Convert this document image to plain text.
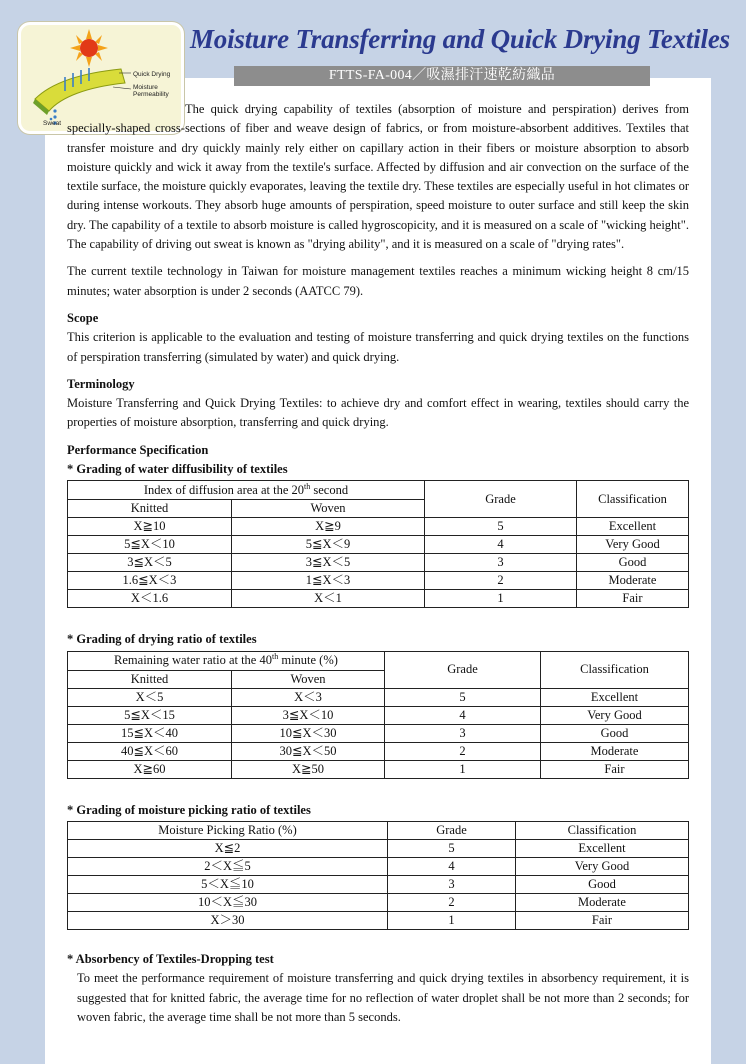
Quick Drying
Moisture
Permeability
Sweat
Moisture Transferring and Quick Drying Textiles
FTTS-FA-004／吸濕排汗速乾紡織品

The quick drying capability of textiles (absorption of moisture and perspiration) derives from specially-shaped cross-sections of fiber and weave design of fabrics, or from moisture-absorbent additives. Textiles that transfer moisture and dry quickly mainly rely either on capillary action in their fibers or moisture absorption to absorb moisture quickly and wick it away from the textile's surface. Affected by diffusion and air convection on the surface of the textile surface, the moisture quickly evaporates, leaving the textile dry. These textiles are especially useful in hot climates or during intense workouts. They absorb huge amounts of perspiration, speed moisture to outer surface and still keep the skin dry. The capability of a textile to absorb moisture is called hygroscopicity, and it is measured on a scale of "wicking height". The capability of driving out sweat is known as "drying ability", and it is measured on a scale of "drying rates".

The current textile technology in Taiwan for moisture management textiles reaches a minimum wicking height 8 cm/15 minutes; water absorption is under 2 seconds (AATCC 79).

Scope

This criterion is applicable to the evaluation and testing of moisture transferring and quick drying textiles on the functions of perspiration transferring (simulated by water) and quick drying.

Terminology

Moisture Transferring and Quick Drying Textiles: to achieve dry and comfort effect in wearing, textiles should carry the properties of moisture absorption, transferring and quick drying.

Performance Specification

* Grading of water diffusibility of textiles

Index of diffusion area at the 20th second		Grade	Classification
Knitted	Woven		
X≧10	X≧9	5	Excellent
5≦X＜10	5≦X＜9	4	Very Good
3≦X＜5	3≦X＜5	3	Good
1.6≦X＜3	1≦X＜3	2	Moderate
X＜1.6	X＜1	1	Fair

* Grading of drying ratio of textiles

Remaining water ratio at the 40th minute (%)		Grade	Classification
Knitted	Woven		
X＜5	X＜3	5	Excellent
5≦X＜15	3≦X＜10	4	Very Good
15≦X＜40	10≦X＜30	3	Good
40≦X＜60	30≦X＜50	2	Moderate
X≧60	X≧50	1	Fair

* Grading of moisture picking ratio of textiles

Moisture Picking Ratio (%)	Grade	Classification
X≦2	5	Excellent
2＜X≦5	4	Very Good
5＜X≦10	3	Good
10＜X≦30	2	Moderate
X＞30	1	Fair

* Absorbency of Textiles-Dropping test

To meet the performance requirement of moisture transferring and quick drying textiles in absorbency requirement, it is suggested that for knitted fabric, the average time for no reflection of water droplet shall be not more than 2 seconds; for woven fabric, the average time shall be not more than 5 seconds.
